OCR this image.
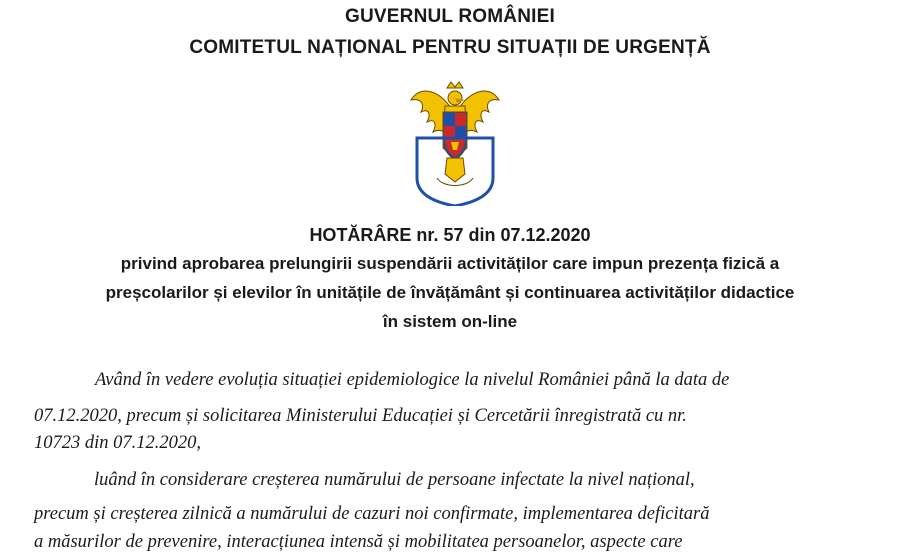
GUVERNUL ROMÂNIEI
COMITETUL NAȚIONAL PENTRU SITUAȚII DE URGENȚĂ
HOTĂRÂRE nr. 57 din 07.12.2020
privind aprobarea prelungirii suspendării activităților care impun prezența fizică a
preșcolarilor și elevilor în unitățile de învățământ și continuarea activităților didactice
în sistem on-line
Având în vedere evoluția situației epidemiologice la nivelul României până la data de
07.12.2020, precum și solicitarea Ministerului Educației și Cercetării înregistrată cu nr.
10723 din 07.12.2020,
luând în considerare creșterea numărului de persoane infectate la nivel național,
precum și creșterea zilnică a numărului de cazuri noi confirmate, implementarea deficitară
a măsurilor de prevenire, interacțiunea intensă și mobilitatea persoanelor, aspecte care
